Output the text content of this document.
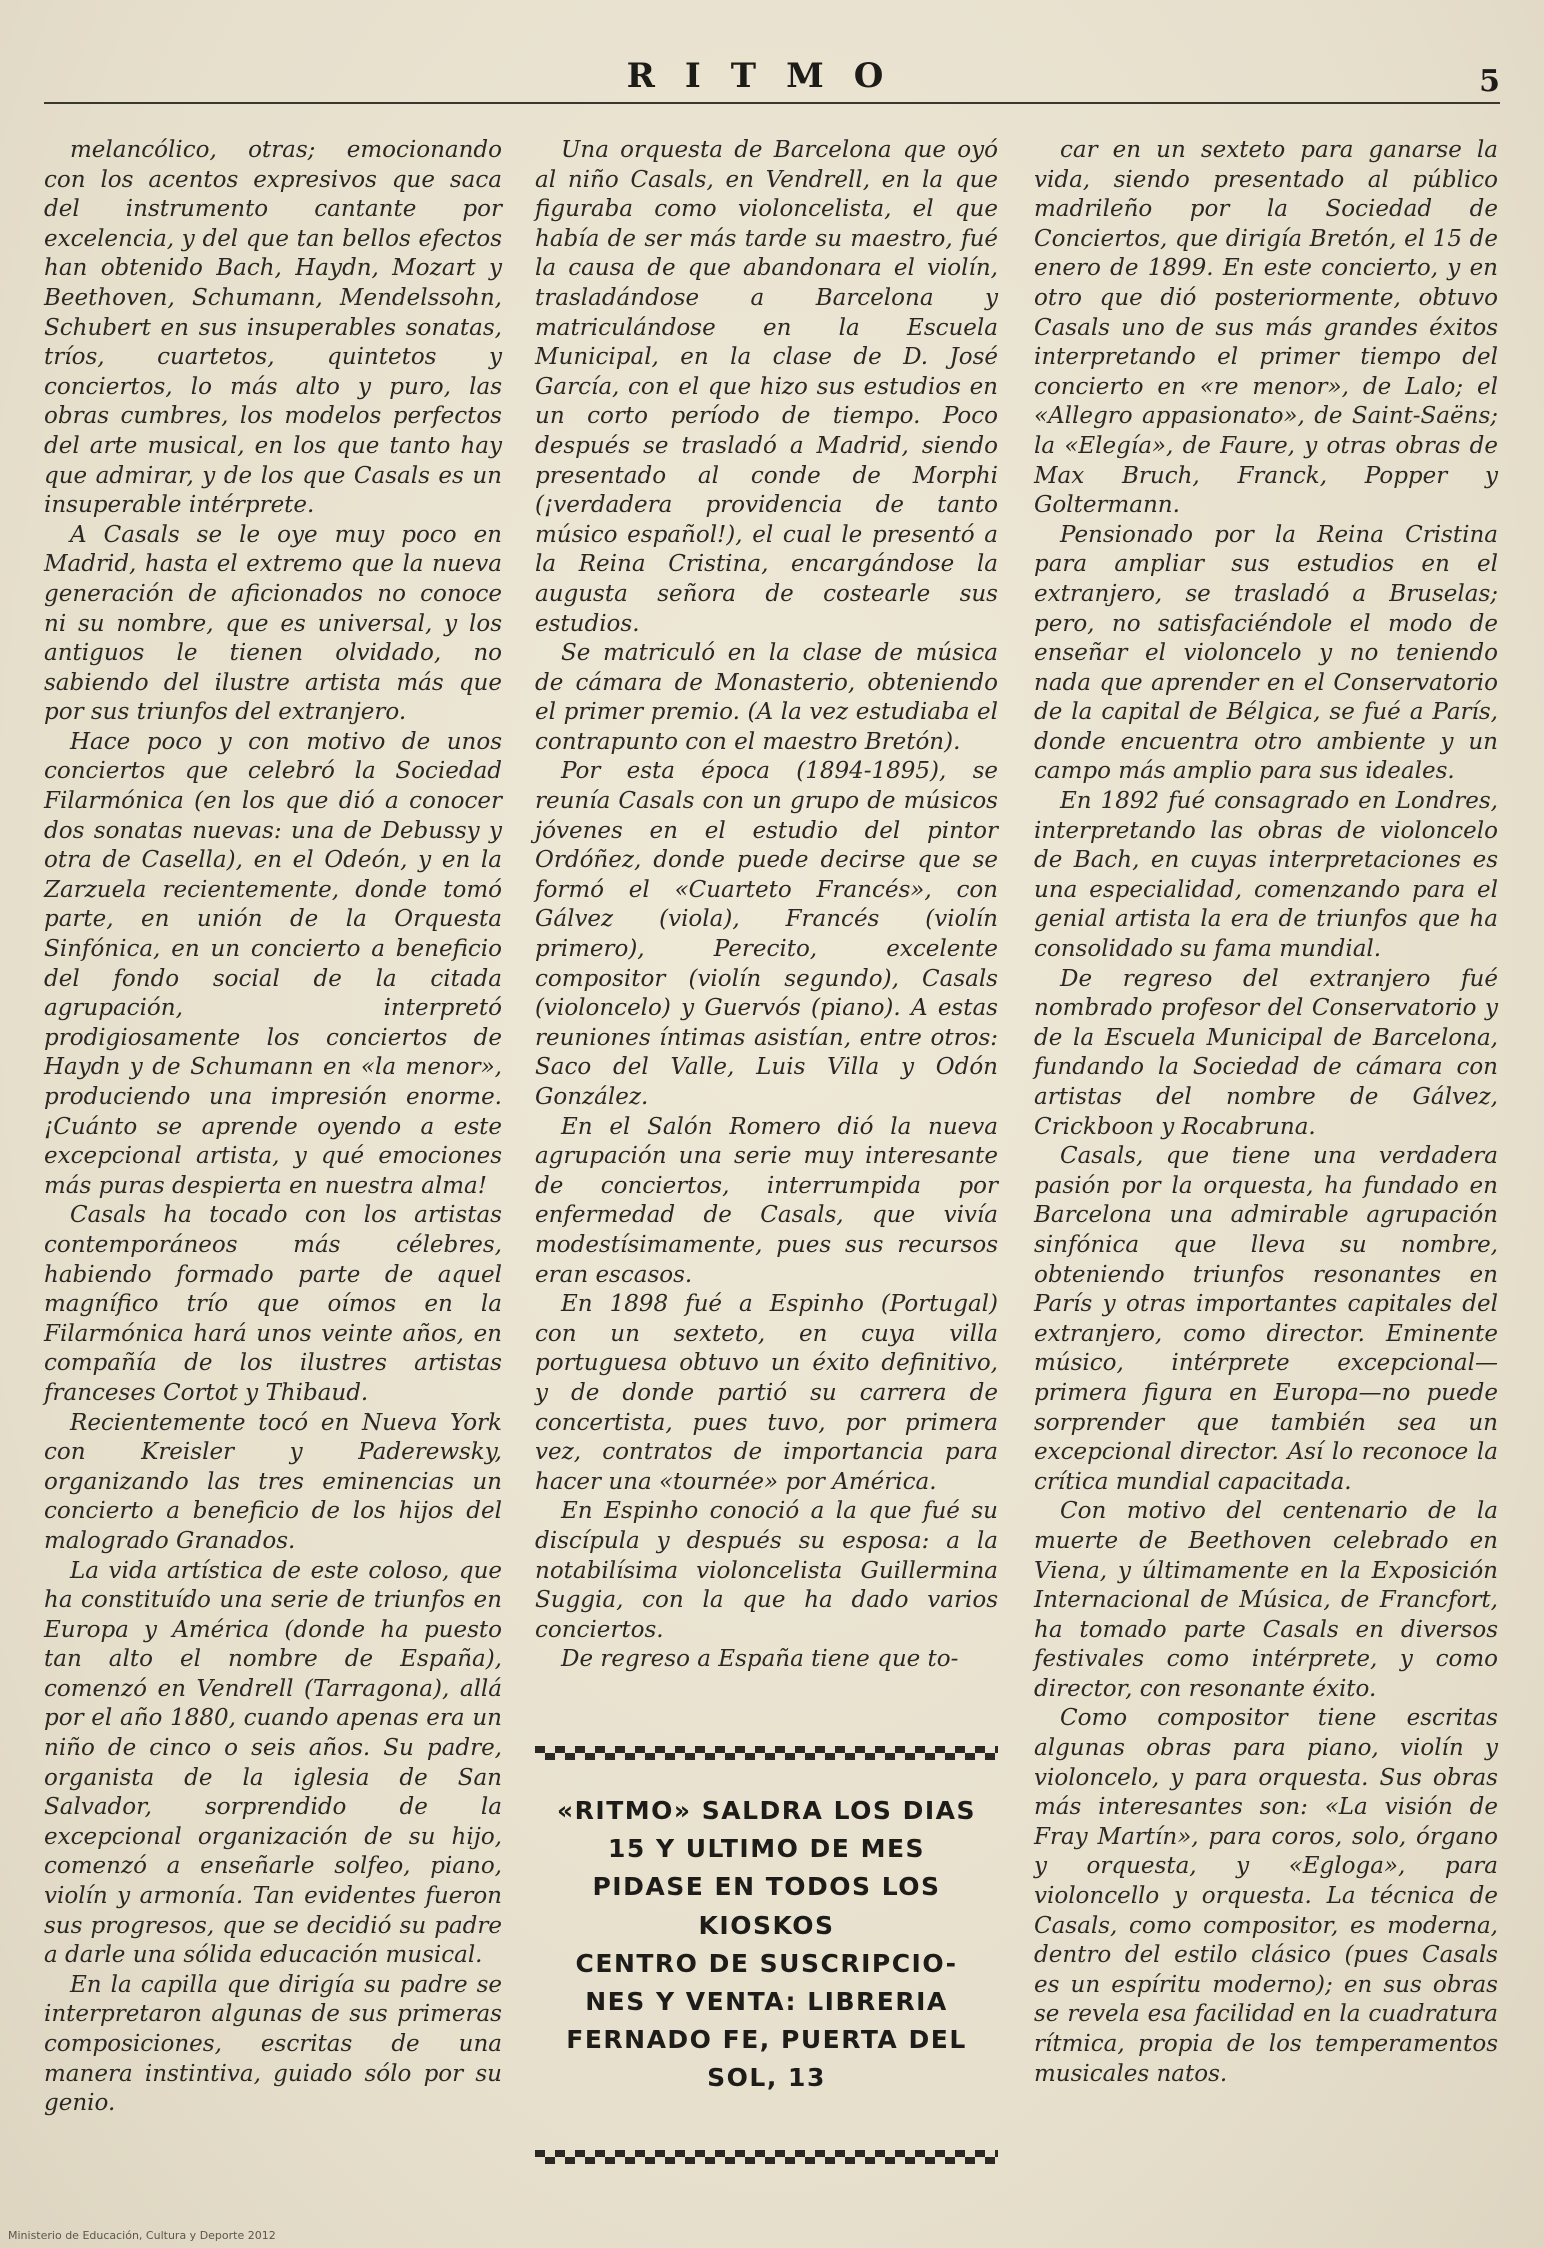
RITMO	5

melancólico, otras; emocionando con los acentos expresivos que saca del instrumento cantante por excelencia, y del que tan bellos efectos han obtenido Bach, Haydn, Mozart y Beethoven, Schumann, Mendelssohn, Schubert en sus insuperables sonatas, tríos, cuartetos, quintetos y conciertos, lo más alto y puro, las obras cumbres, los modelos perfectos del arte musical, en los que tanto hay que admirar, y de los que Casals es un insuperable intérprete.

A Casals se le oye muy poco en Madrid, hasta el extremo que la nueva generación de aficionados no conoce ni su nombre, que es universal, y los antiguos le tienen olvidado, no sabiendo del ilustre artista más que por sus triunfos del extranjero.

Hace poco y con motivo de unos conciertos que celebró la Sociedad Filarmónica (en los que dió a conocer dos sonatas nuevas: una de Debussy y otra de Casella), en el Odeón, y en la Zarzuela recientemente, donde tomó parte, en unión de la Orquesta Sinfónica, en un concierto a beneficio del fondo social de la citada agrupación, interpretó prodigiosamente los conciertos de Haydn y de Schumann en «la menor», produciendo una impresión enorme. ¡Cuánto se aprende oyendo a este excepcional artista, y qué emociones más puras despierta en nuestra alma!

Casals ha tocado con los artistas contemporáneos más célebres, habiendo formado parte de aquel magnífico trío que oímos en la Filarmónica hará unos veinte años, en compañía de los ilustres artistas franceses Cortot y Thibaud.

Recientemente tocó en Nueva York con Kreisler y Paderewsky, organizando las tres eminencias un concierto a beneficio de los hijos del malogrado Granados.

La vida artística de este coloso, que ha constituído una serie de triunfos en Europa y América (donde ha puesto tan alto el nombre de España), comenzó en Vendrell (Tarragona), allá por el año 1880, cuando apenas era un niño de cinco o seis años. Su padre, organista de la iglesia de San Salvador, sorprendido de la excepcional organización de su hijo, comenzó a enseñarle solfeo, piano, violín y armonía. Tan evidentes fueron sus progresos, que se decidió su padre a darle una sólida educación musical.

En la capilla que dirigía su padre se interpretaron algunas de sus primeras composiciones, escritas de una manera instintiva, guiado sólo por su genio.

Una orquesta de Barcelona que oyó al niño Casals, en Vendrell, en la que figuraba como violoncelista, el que había de ser más tarde su maestro, fué la causa de que abandonara el violín, trasladándose a Barcelona y matriculándose en la Escuela Municipal, en la clase de D. José García, con el que hizo sus estudios en un corto período de tiempo. Poco después se trasladó a Madrid, siendo presentado al conde de Morphi (¡verdadera providencia de tanto músico español!), el cual le presentó a la Reina Cristina, encargándose la augusta señora de costearle sus estudios.

Se matriculó en la clase de música de cámara de Monasterio, obteniendo el primer premio. (A la vez estudiaba el contrapunto con el maestro Bretón).

Por esta época (1894-1895), se reunía Casals con un grupo de músicos jóvenes en el estudio del pintor Ordóñez, donde puede decirse que se formó el «Cuarteto Francés», con Gálvez (viola), Francés (violín primero), Perecito, excelente compositor (violín segundo), Casals (violoncelo) y Guervós (piano). A estas reuniones íntimas asistían, entre otros: Saco del Valle, Luis Villa y Odón González.

En el Salón Romero dió la nueva agrupación una serie muy interesante de conciertos, interrumpida por enfermedad de Casals, que vivía modestísimamente, pues sus recursos eran escasos.

En 1898 fué a Espinho (Portugal) con un sexteto, en cuya villa portuguesa obtuvo un éxito definitivo, y de donde partió su carrera de concertista, pues tuvo, por primera vez, contratos de importancia para hacer una «tournée» por América.

En Espinho conoció a la que fué su discípula y después su esposa: a la notabilísima violoncelista Guillermina Suggia, con la que ha dado varios conciertos.

De regreso a España tiene que to-

car en un sexteto para ganarse la vida, siendo presentado al público madrileño por la Sociedad de Conciertos, que dirigía Bretón, el 15 de enero de 1899. En este concierto, y en otro que dió posteriormente, obtuvo Casals uno de sus más grandes éxitos interpretando el primer tiempo del concierto en «re menor», de Lalo; el «Allegro appasionato», de Saint-Saëns; la «Elegía», de Faure, y otras obras de Max Bruch, Franck, Popper y Goltermann.

Pensionado por la Reina Cristina para ampliar sus estudios en el extranjero, se trasladó a Bruselas; pero, no satisfaciéndole el modo de enseñar el violoncelo y no teniendo nada que aprender en el Conservatorio de la capital de Bélgica, se fué a París, donde encuentra otro ambiente y un campo más amplio para sus ideales.

En 1892 fué consagrado en Londres, interpretando las obras de violoncelo de Bach, en cuyas interpretaciones es una especialidad, comenzando para el genial artista la era de triunfos que ha consolidado su fama mundial.

De regreso del extranjero fué nombrado profesor del Conservatorio y de la Escuela Municipal de Barcelona, fundando la Sociedad de cámara con artistas del nombre de Gálvez, Crickboon y Rocabruna.

Casals, que tiene una verdadera pasión por la orquesta, ha fundado en Barcelona una admirable agrupación sinfónica que lleva su nombre, obteniendo triunfos resonantes en París y otras importantes capitales del extranjero, como director. Eminente músico, intérprete excepcional—primera figura en Europa—no puede sorprender que también sea un excepcional director. Así lo reconoce la crítica mundial capacitada.

Con motivo del centenario de la muerte de Beethoven celebrado en Viena, y últimamente en la Exposición Internacional de Música, de Francfort, ha tomado parte Casals en diversos festivales como intérprete, y como director, con resonante éxito.

Como compositor tiene escritas algunas obras para piano, violín y violoncelo, y para orquesta. Sus obras más interesantes son: «La visión de Fray Martín», para coros, solo, órgano y orquesta, y «Egloga», para violoncello y orquesta. La técnica de Casals, como compositor, es moderna, dentro del estilo clásico (pues Casals es un espíritu moderno); en sus obras se revela esa facilidad en la cuadratura rítmica, propia de los temperamentos musicales natos.

«RITMO» SALDRA LOS DIAS
15 Y ULTIMO DE MES
PIDASE EN TODOS LOS
KIOSKOS
CENTRO DE SUSCRIPCIO-
NES Y VENTA: LIBRERIA
FERNADO FE, PUERTA DEL
SOL, 13
Ministerio de Educación, Cultura y Deporte 2012
